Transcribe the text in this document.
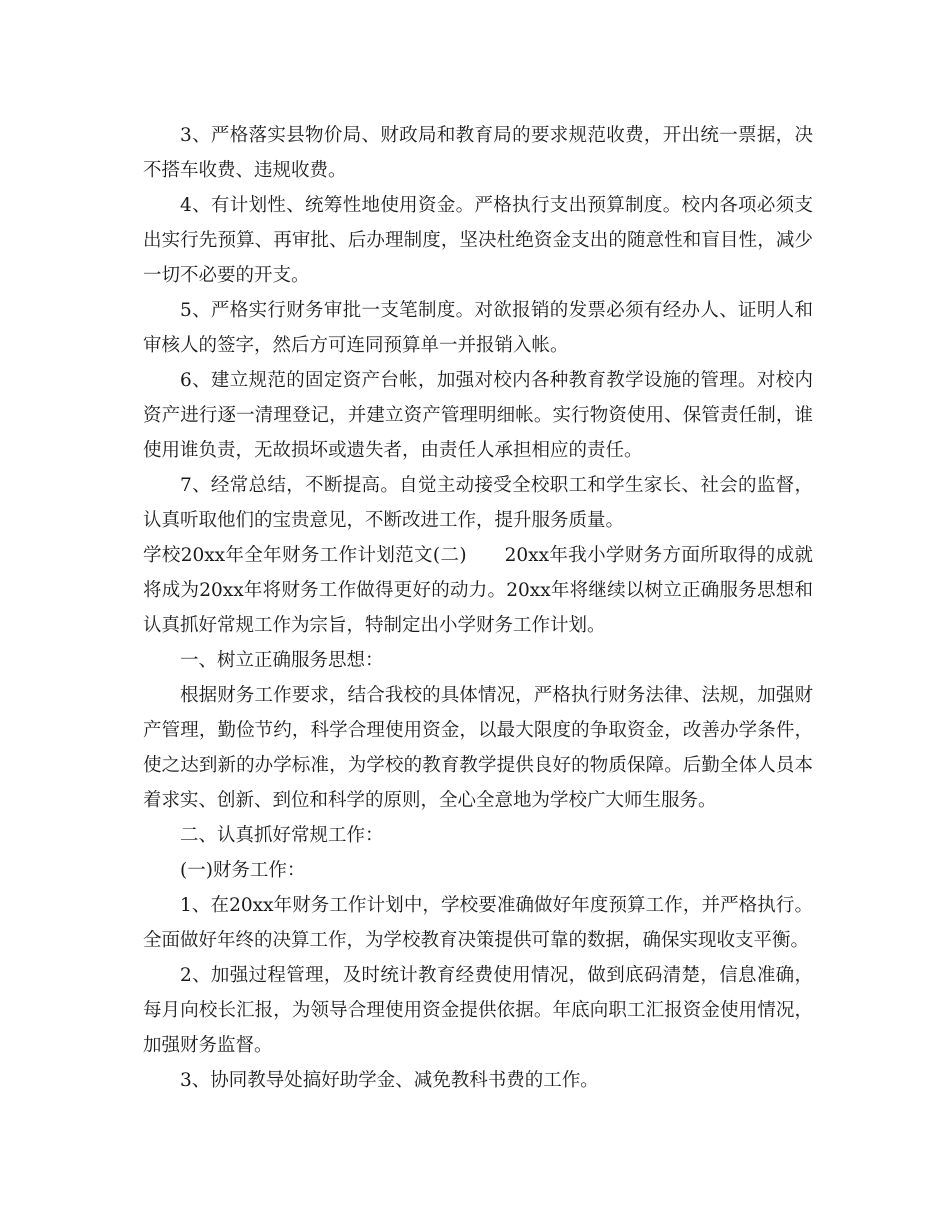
3、严格落实县物价局、财政局和教育局的要求规范收费，开出统一票据，决不搭车收费、违规收费。

4、有计划性、统筹性地使用资金。严格执行支出预算制度。校内各项必须支出实行先预算、再审批、后办理制度，坚决杜绝资金支出的随意性和盲目性，减少一切不必要的开支。

5、严格实行财务审批一支笔制度。对欲报销的发票必须有经办人、证明人和审核人的签字，然后方可连同预算单一并报销入帐。

6、建立规范的固定资产台帐，加强对校内各种教育教学设施的管理。对校内资产进行逐一清理登记，并建立资产管理明细帐。实行物资使用、保管责任制，谁使用谁负责，无故损坏或遗失者，由责任人承担相应的责任。

7、经常总结，不断提高。自觉主动接受全校职工和学生家长、社会的监督，认真听取他们的宝贵意见，不断改进工作，提升服务质量。

学校20xx年全年财务工作计划范文(二)　　20xx年我小学财务方面所取得的成就将成为20xx年将财务工作做得更好的动力。20xx年将继续以树立正确服务思想和认真抓好常规工作为宗旨，特制定出小学财务工作计划。

一、树立正确服务思想：

根据财务工作要求，结合我校的具体情况，严格执行财务法律、法规，加强财产管理，勤俭节约，科学合理使用资金，以最大限度的争取资金，改善办学条件，使之达到新的办学标准，为学校的教育教学提供良好的物质保障。后勤全体人员本着求实、创新、到位和科学的原则，全心全意地为学校广大师生服务。

二、认真抓好常规工作：

(一)财务工作：

1、在20xx年财务工作计划中，学校要准确做好年度预算工作，并严格执行。全面做好年终的决算工作，为学校教育决策提供可靠的数据，确保实现收支平衡。

2、加强过程管理，及时统计教育经费使用情况，做到底码清楚，信息准确，每月向校长汇报，为领导合理使用资金提供依据。年底向职工汇报资金使用情况，加强财务监督。

3、协同教导处搞好助学金、减免教科书费的工作。
